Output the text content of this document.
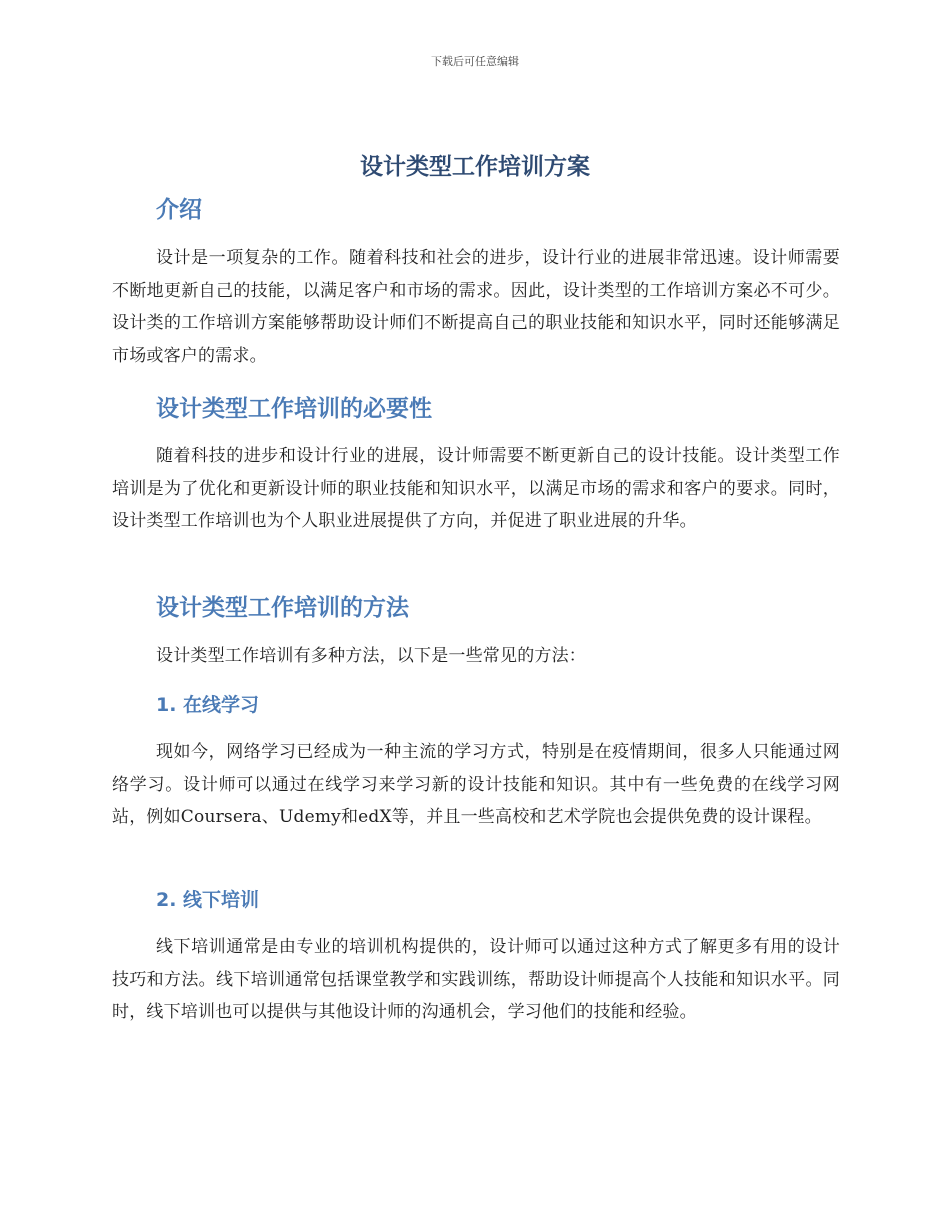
下载后可任意编辑
设计类型工作培训方案
介绍

设计是一项复杂的工作。随着科技和社会的进步，设计行业的进展非常迅速。设计师需要不断地更新自己的技能，以满足客户和市场的需求。因此，设计类型的工作培训方案必不可少。设计类的工作培训方案能够帮助设计师们不断提高自己的职业技能和知识水平，同时还能够满足市场或客户的需求。

设计类型工作培训的必要性

随着科技的进步和设计行业的进展，设计师需要不断更新自己的设计技能。设计类型工作培训是为了优化和更新设计师的职业技能和知识水平，以满足市场的需求和客户的要求。同时，设计类型工作培训也为个人职业进展提供了方向，并促进了职业进展的升华。

设计类型工作培训的方法

设计类型工作培训有多种方法，以下是一些常见的方法：

1. 在线学习

现如今，网络学习已经成为一种主流的学习方式，特别是在疫情期间，很多人只能通过网络学习。设计师可以通过在线学习来学习新的设计技能和知识。其中有一些免费的在线学习网站，例如Coursera、Udemy和edX等，并且一些高校和艺术学院也会提供免费的设计课程。

2. 线下培训

线下培训通常是由专业的培训机构提供的，设计师可以通过这种方式了解更多有用的设计技巧和方法。线下培训通常包括课堂教学和实践训练，帮助设计师提高个人技能和知识水平。同时，线下培训也可以提供与其他设计师的沟通机会，学习他们的技能和经验。
